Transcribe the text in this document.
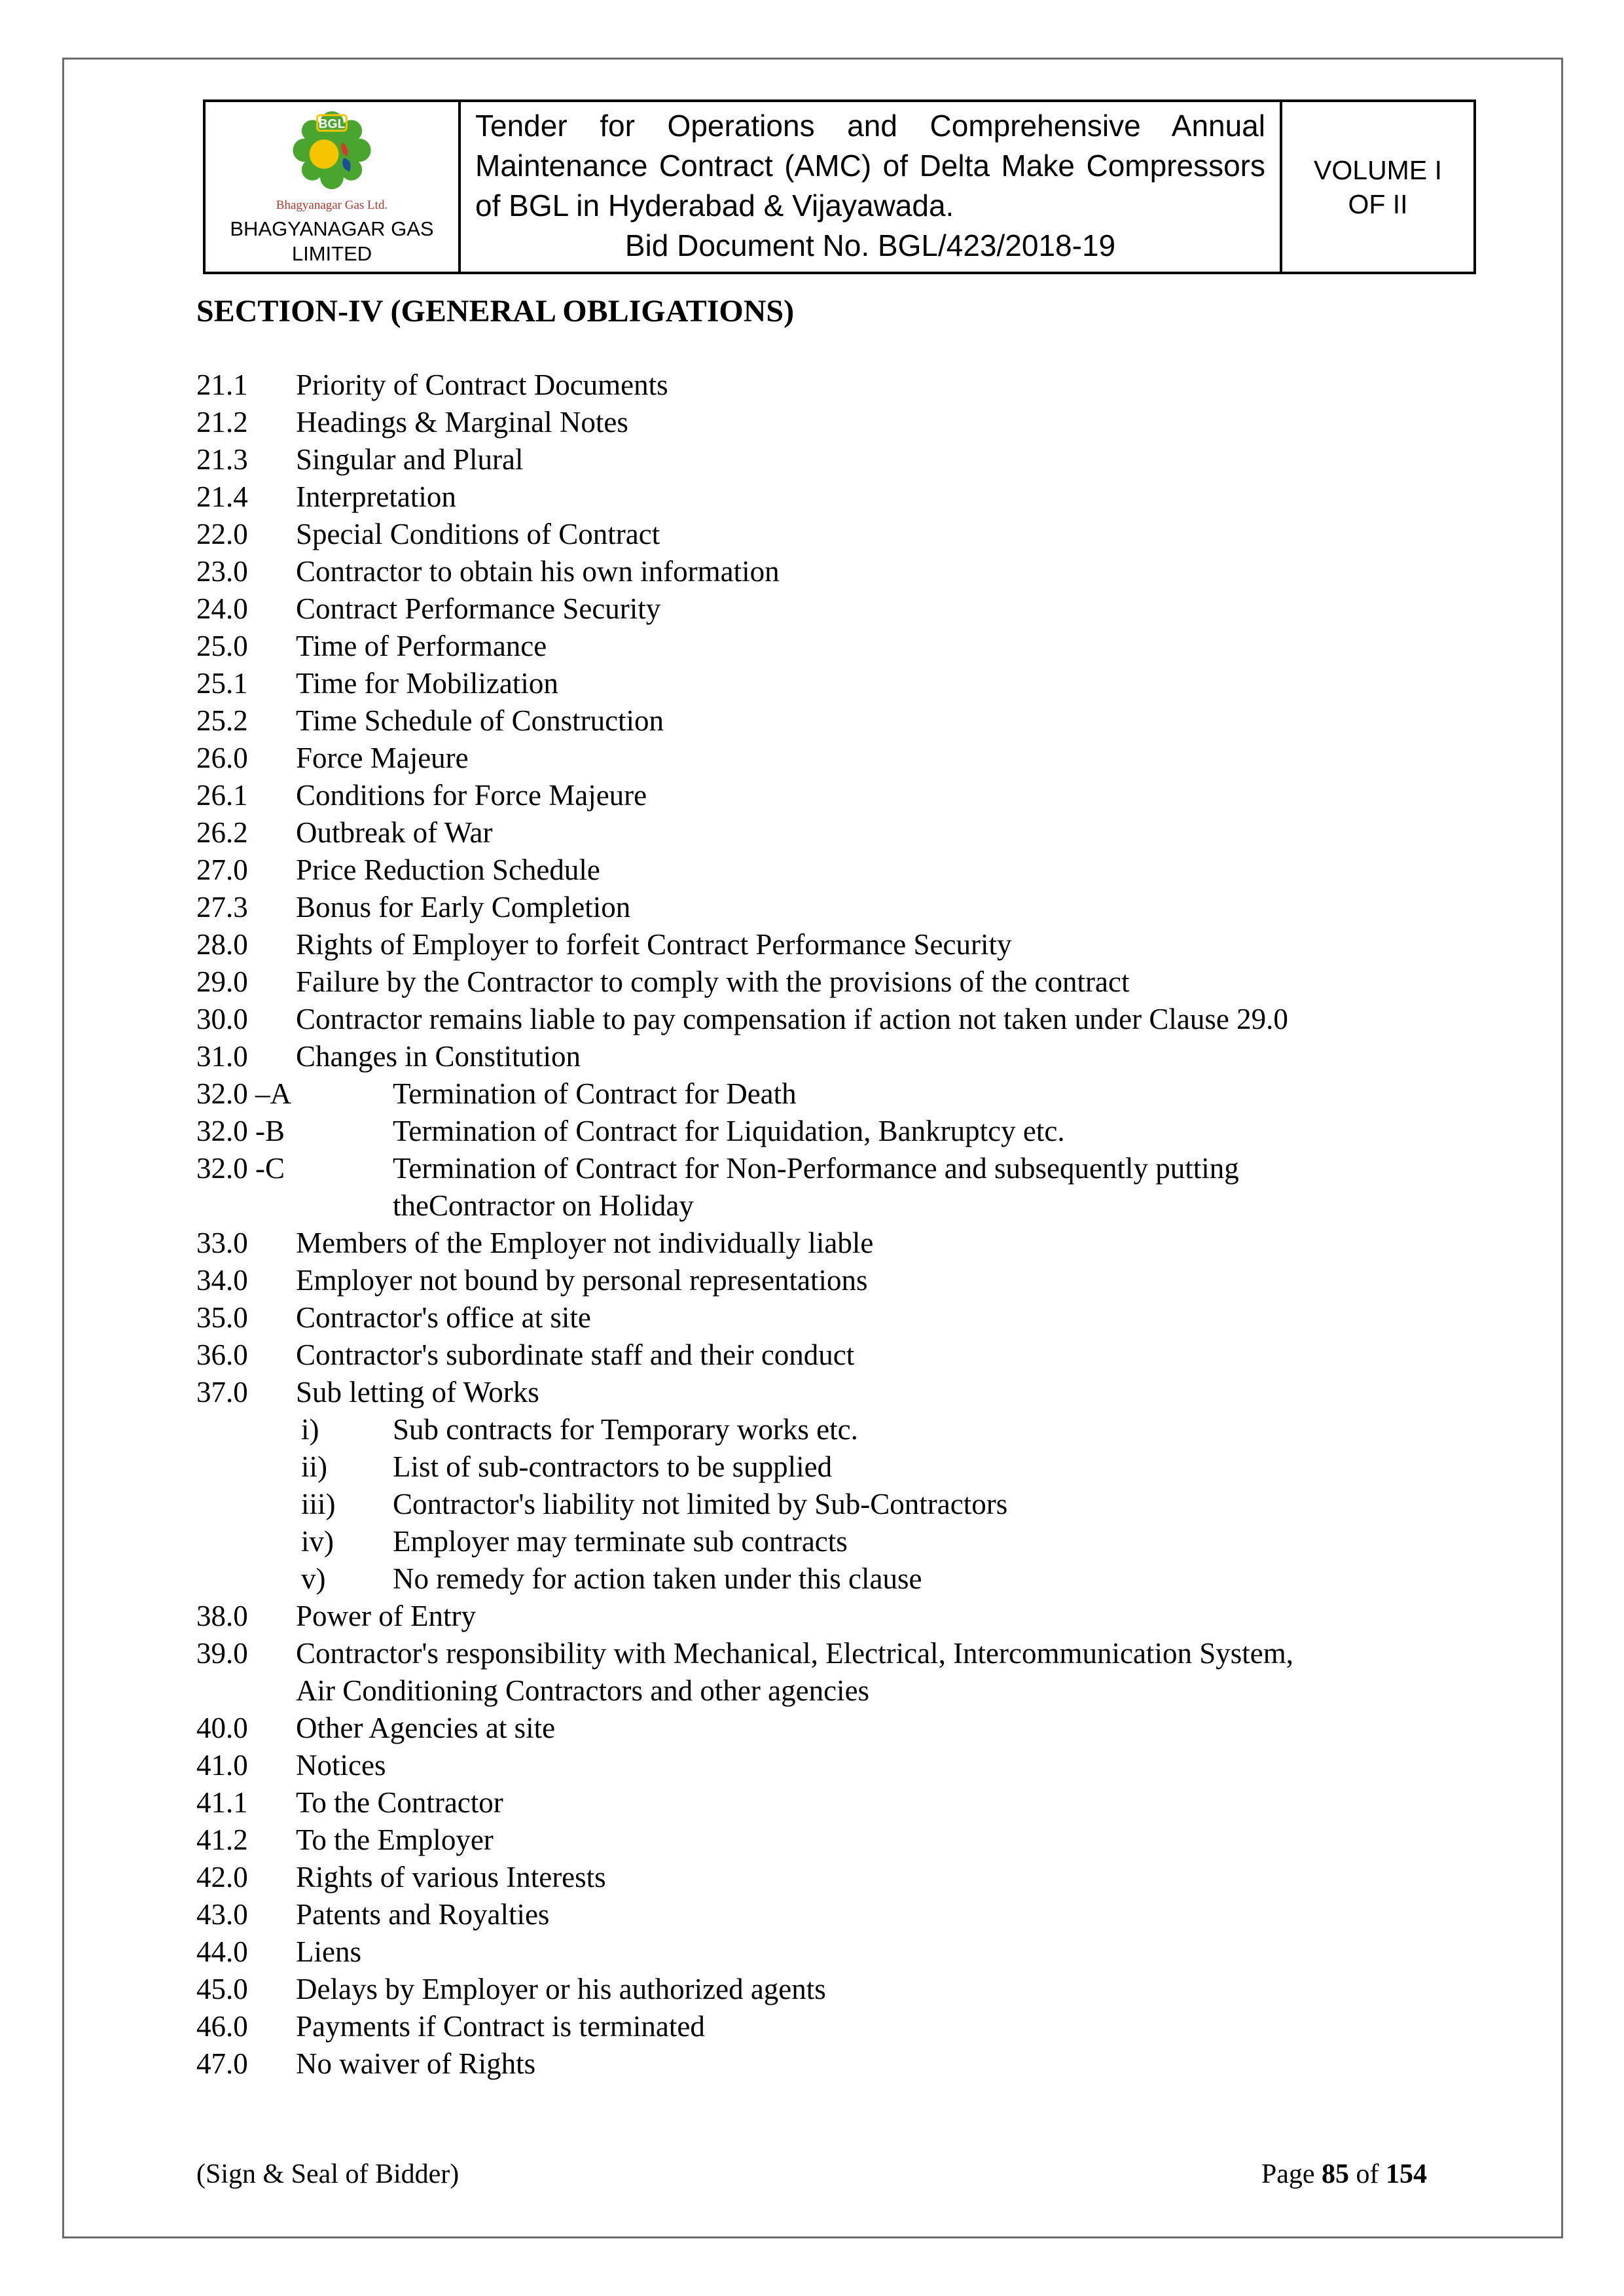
BGL
Bhagyanagar Gas Ltd.
BHAGYANAGAR GAS LIMITED
Tender for Operations and Comprehensive Annual Maintenance Contract (AMC) of Delta Make Compressors of BGL in Hyderabad & Vijayawada.
Bid Document No. BGL/423/2018-19
VOLUME I
OF II
SECTION-IV (GENERAL OBLIGATIONS)
21.1	Priority of Contract Documents
21.2	Headings & Marginal Notes
21.3	Singular and Plural
21.4	Interpretation
22.0	Special Conditions of Contract
23.0	Contractor to obtain his own information
24.0	Contract Performance Security
25.0	Time of Performance
25.1	Time for Mobilization
25.2	Time Schedule of Construction
26.0	Force Majeure
26.1	Conditions for Force Majeure
26.2	Outbreak of War
27.0	Price Reduction Schedule
27.3	Bonus for Early Completion
28.0	Rights of Employer to forfeit Contract Performance Security
29.0	Failure by the Contractor to comply with the provisions of the contract
30.0	Contractor remains liable to pay compensation if action not taken under Clause 29.0
31.0	Changes in Constitution
32.0 –A	Termination of Contract for Death
32.0 -B	Termination of Contract for Liquidation, Bankruptcy etc.
32.0 -C	Termination of Contract for Non-Performance and subsequently putting
theContractor on Holiday
33.0	Members of the Employer not individually liable
34.0	Employer not bound by personal representations
35.0	Contractor's office at site
36.0	Contractor's subordinate staff and their conduct
37.0	Sub letting of Works
i)	Sub contracts for Temporary works etc.
ii)	List of sub-contractors to be supplied
iii)	Contractor's liability not limited by Sub-Contractors
iv)	Employer may terminate sub contracts
v)	No remedy for action taken under this clause
38.0	Power of Entry
39.0	Contractor's responsibility with Mechanical, Electrical, Intercommunication System,
Air Conditioning Contractors and other agencies
40.0	Other Agencies at site
41.0	Notices
41.1	To the Contractor
41.2	To the Employer
42.0	Rights of various Interests
43.0	Patents and Royalties
44.0	Liens
45.0	Delays by Employer or his authorized agents
46.0	Payments if Contract is terminated
47.0	No waiver of Rights
(Sign & Seal of Bidder)	Page 85 of 154
